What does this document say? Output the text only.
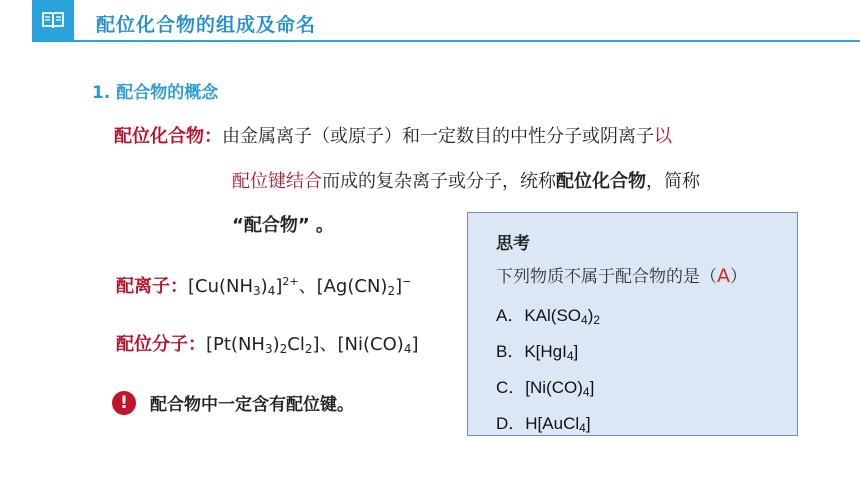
配位化合物的组成及命名
1. 配合物的概念
配位化合物：由金属离子（或原子）和一定数目的中性分子或阴离子以
配位键结合而成的复杂离子或分子，统称配位化合物，简称
“配合物” 。
配离子：$[Cu(NH_3)_4]^{2+}$、$[Ag(CN)_2]^-$
配位分子：$[Pt(NH_3)_2Cl_2]$、$[Ni(CO)_4]$
!	配合物中一定含有配位键。
思考
下列物质不属于配合物的是（A）
A．$KAl(SO_4)_2$
B．K[HgI$_4$]
C．$[Ni(CO)_4]$
D．H[AuCl$_4$]
